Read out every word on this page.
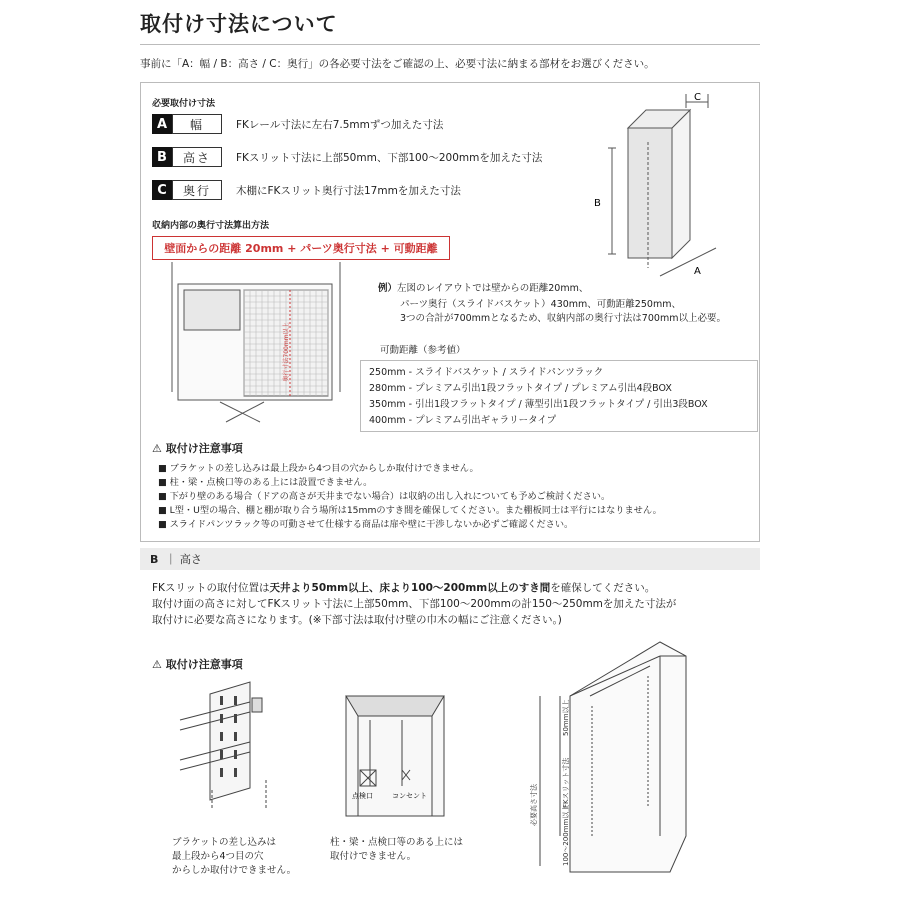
取付け寸法について
事前に「A：幅 / B：高さ / C：奥行」の各必要寸法をご確認の上、必要寸法に納まる部材をお選びください。
必要取付け寸法
A	幅	FKレール寸法に左右7.5mmずつ加えた寸法
B	高さ	FKスリット寸法に上部50mm、下部100〜200mmを加えた寸法
C	奥行	木棚にFKスリット奥行寸法17mmを加えた寸法
C
B
A
収納内部の奥行寸法算出方法
壁面からの距離 20mm + パーツ奥行寸法 + 可動距離
奥行寸法700mm以上
例）左図のレイアウトでは壁からの距離20mm、
パーツ奥行（スライドバスケット）430mm、可動距離250mm、
3つの合計が700mmとなるため、収納内部の奥行寸法は700mm以上必要。
可動距離（参考値）
250mm - スライドバスケット / スライドパンツラック
280mm - プレミアム引出1段フラットタイプ / プレミアム引出4段BOX
350mm - 引出1段フラットタイプ / 薄型引出1段フラットタイプ / 引出3段BOX
400mm - プレミアム引出ギャラリータイプ
⚠ 取付け注意事項
■ ブラケットの差し込みは最上段から4つ目の穴からしか取付けできません。
■ 柱・梁・点検口等のある上には設置できません。
■ 下がり壁のある場合（ドアの高さが天井までない場合）は収納の出し入れについても予めご検討ください。
■ L型・U型の場合、棚と棚が取り合う場所は15mmのすき間を確保してください。また棚板同士は平行にはなりません。
■ スライドパンツラック等の可動させて仕様する商品は扉や壁に干渉しないか必ずご確認ください。
B ｜ 高さ
FKスリットの取付位置は天井より50mm以上、床より100〜200mm以上のすき間を確保してください。
取付け面の高さに対してFKスリット寸法に上部50mm、下部100〜200mmの計150〜250mmを加えた寸法が
取付けに必要な高さになります。(※下部寸法は取付け壁の巾木の幅にご注意ください。)
⚠ 取付け注意事項
ブラケットの差し込みは
最上段から4つ目の穴
からしか取付けできません。
点検口	コンセント
柱・梁・点検口等のある上には
取付けできません。
必要高さ寸法
50mm以上
FKスリット寸法
100〜200mm以上
